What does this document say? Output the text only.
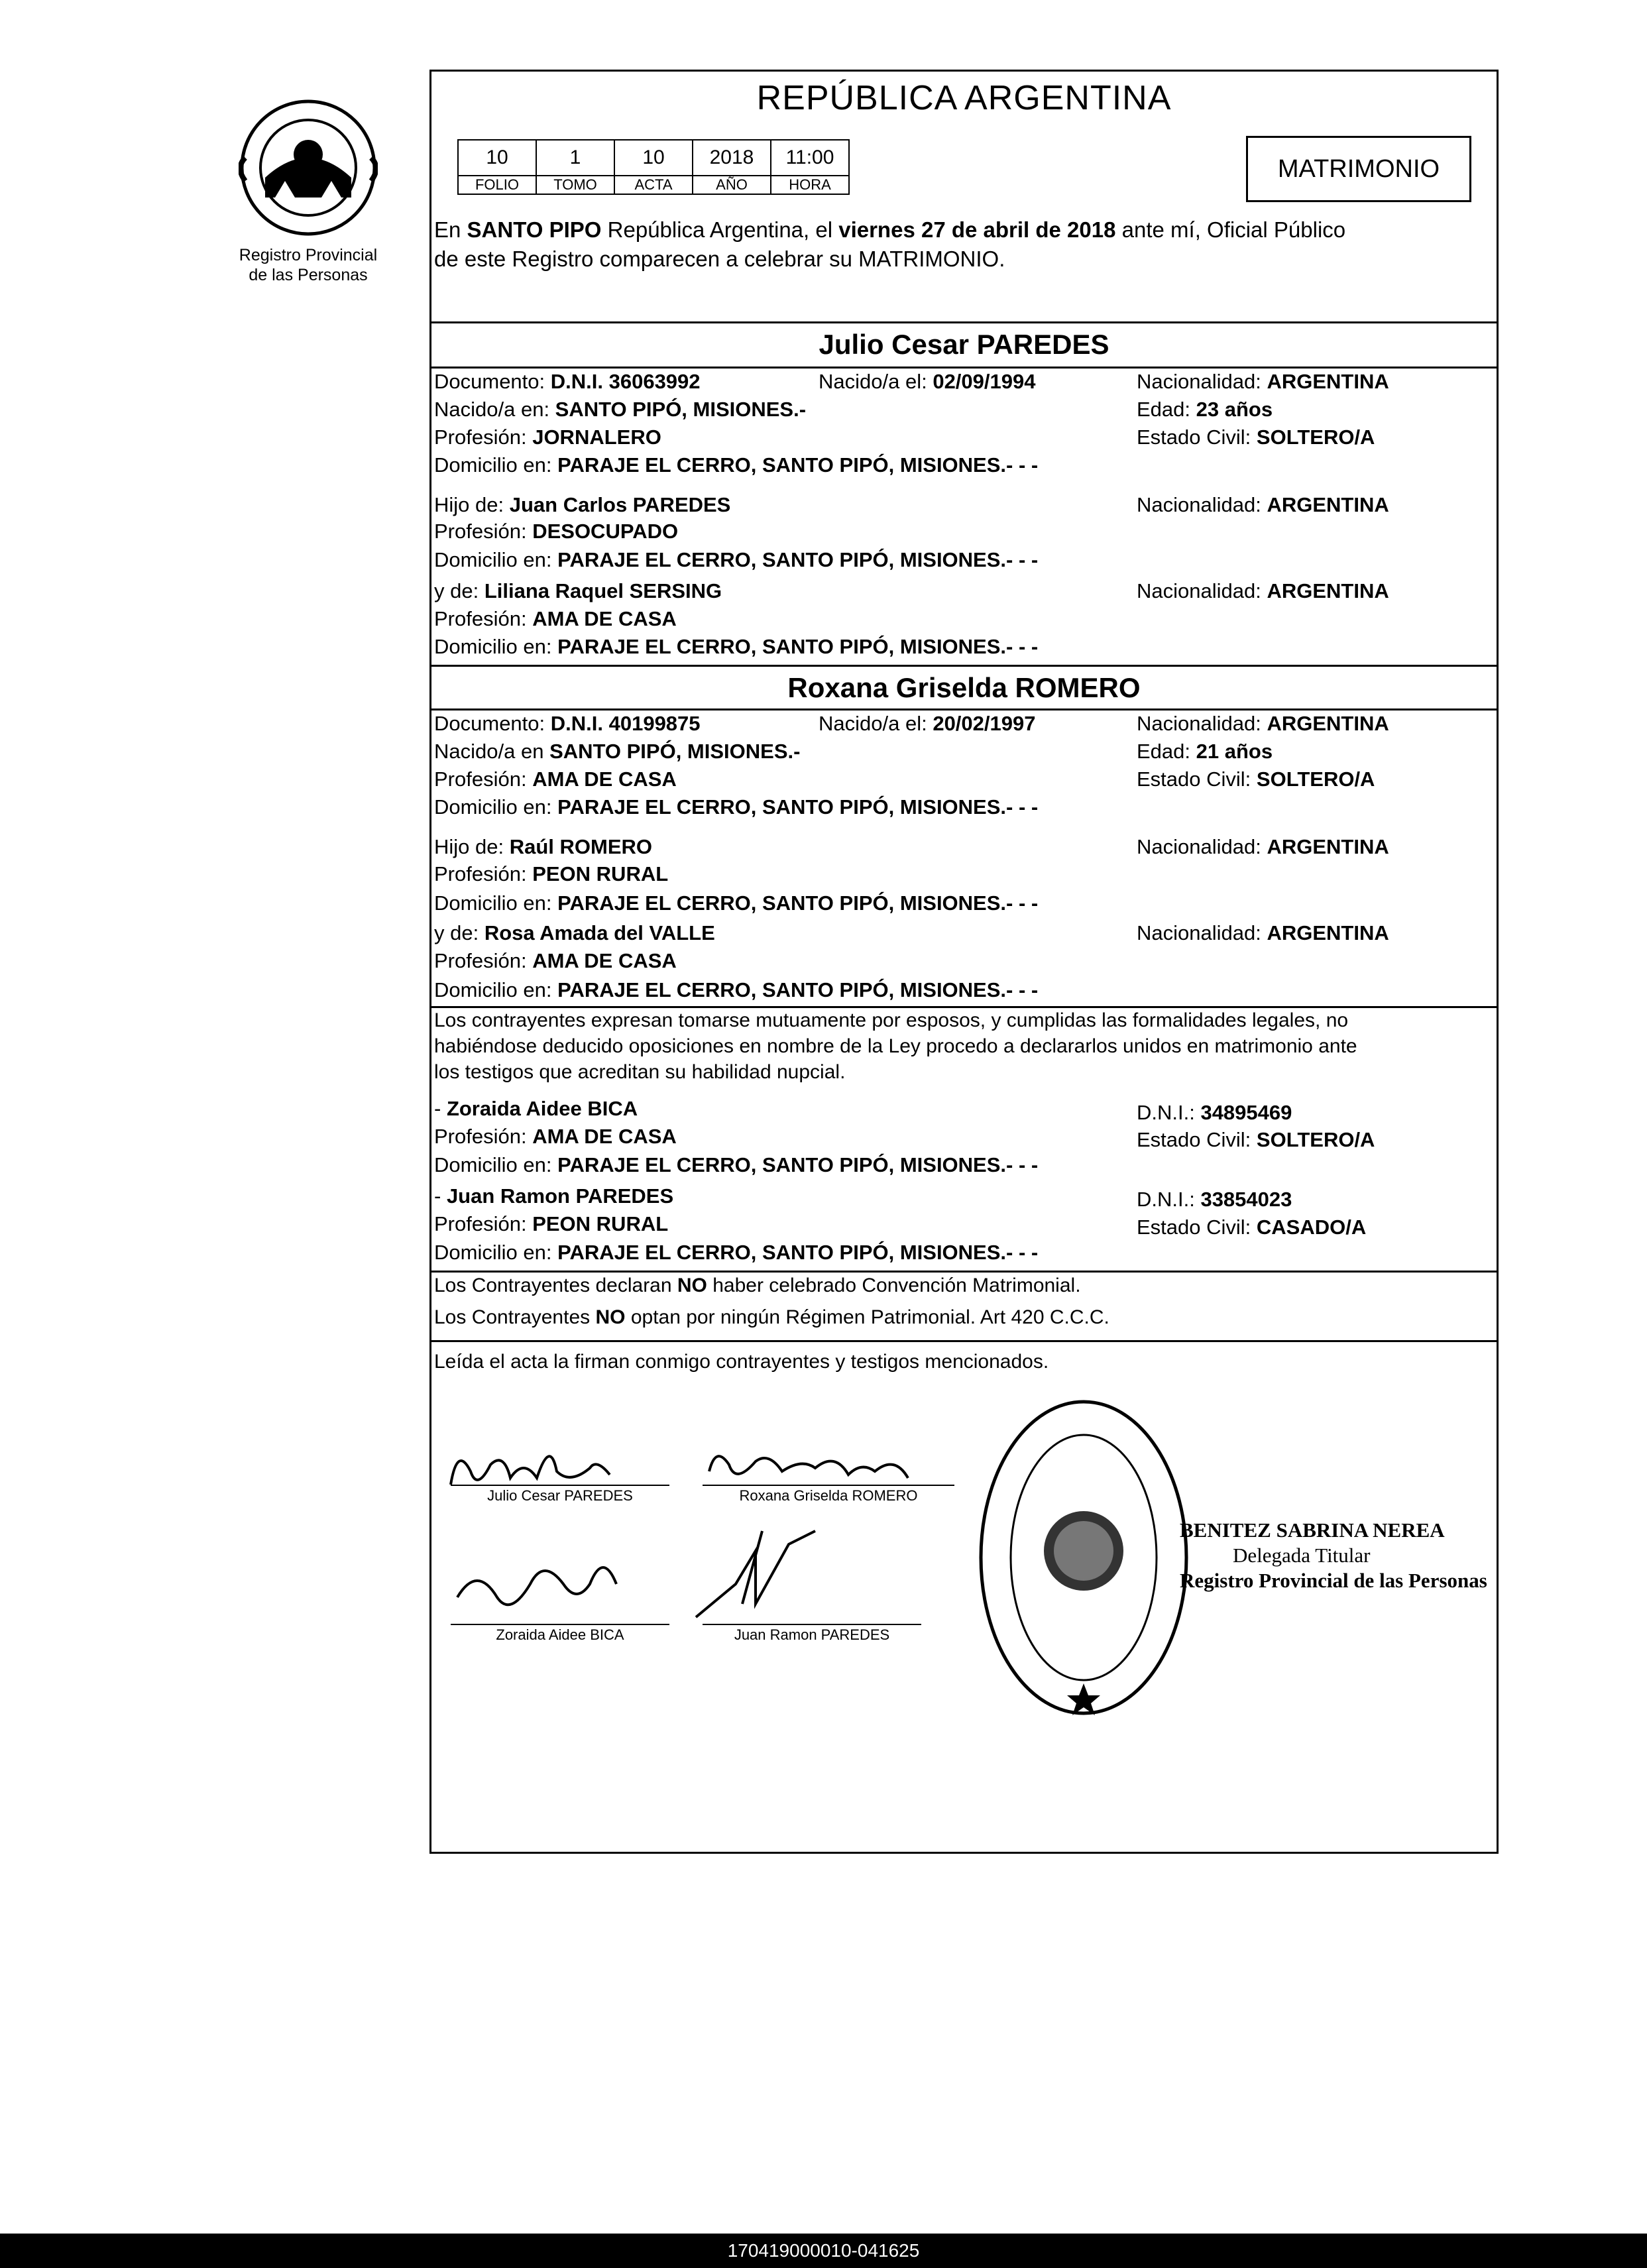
Registro Provincial
de las Personas
REPÚBLICA ARGENTINA
10	1	10	2018	11:00
FOLIO	TOMO	ACTA	AÑO	HORA
MATRIMONIO
En SANTO PIPO República Argentina, el viernes 27 de abril de 2018 ante mí, Oficial Público
de este Registro comparecen a celebrar su MATRIMONIO.
Julio Cesar PAREDES
Documento: D.N.I. 36063992	Nacido/a el: 02/09/1994	Nacionalidad: ARGENTINA
Nacido/a en: SANTO PIPÓ, MISIONES.-	Edad: 23 años
Profesión: JORNALERO	Estado Civil: SOLTERO/A
Domicilio en: PARAJE EL CERRO, SANTO PIPÓ, MISIONES.- - -
Hijo de: Juan Carlos PAREDES	Nacionalidad: ARGENTINA
Profesión: DESOCUPADO
Domicilio en: PARAJE EL CERRO, SANTO PIPÓ, MISIONES.- - -
y de: Liliana Raquel SERSING	Nacionalidad: ARGENTINA
Profesión: AMA DE CASA
Domicilio en: PARAJE EL CERRO, SANTO PIPÓ, MISIONES.- - -
Roxana Griselda ROMERO
Documento: D.N.I. 40199875	Nacido/a el: 20/02/1997	Nacionalidad: ARGENTINA
Nacido/a en SANTO PIPÓ, MISIONES.-	Edad: 21 años
Profesión: AMA DE CASA	Estado Civil: SOLTERO/A
Domicilio en: PARAJE EL CERRO, SANTO PIPÓ, MISIONES.- - -
Hijo de: Raúl ROMERO	Nacionalidad: ARGENTINA
Profesión: PEON RURAL
Domicilio en: PARAJE EL CERRO, SANTO PIPÓ, MISIONES.- - -
y de: Rosa Amada del VALLE	Nacionalidad: ARGENTINA
Profesión: AMA DE CASA
Domicilio en: PARAJE EL CERRO, SANTO PIPÓ, MISIONES.- - -
Los contrayentes expresan tomarse mutuamente por esposos, y cumplidas las formalidades legales, no
habiéndose deducido oposiciones en nombre de la Ley procedo a declararlos unidos en matrimonio ante
los testigos que acreditan su habilidad nupcial.
- Zoraida Aidee BICA	D.N.I.: 34895469
Profesión: AMA DE CASA	Estado Civil: SOLTERO/A
Domicilio en: PARAJE EL CERRO, SANTO PIPÓ, MISIONES.- - -
- Juan Ramon PAREDES	D.N.I.: 33854023
Profesión: PEON RURAL	Estado Civil: CASADO/A
Domicilio en: PARAJE EL CERRO, SANTO PIPÓ, MISIONES.- - -
Los Contrayentes declaran NO haber celebrado Convención Matrimonial.
Los Contrayentes NO optan por ningún Régimen Patrimonial. Art 420 C.C.C.
Leída el acta la firman conmigo contrayentes y testigos mencionados.
Julio Cesar PAREDES	Roxana Griselda ROMERO
Zoraida Aidee BICA	Juan Ramon PAREDES
BENITEZ SABRINA NEREA
Delegada Titular
Registro Provincial de las Personas
170419000010-041625
